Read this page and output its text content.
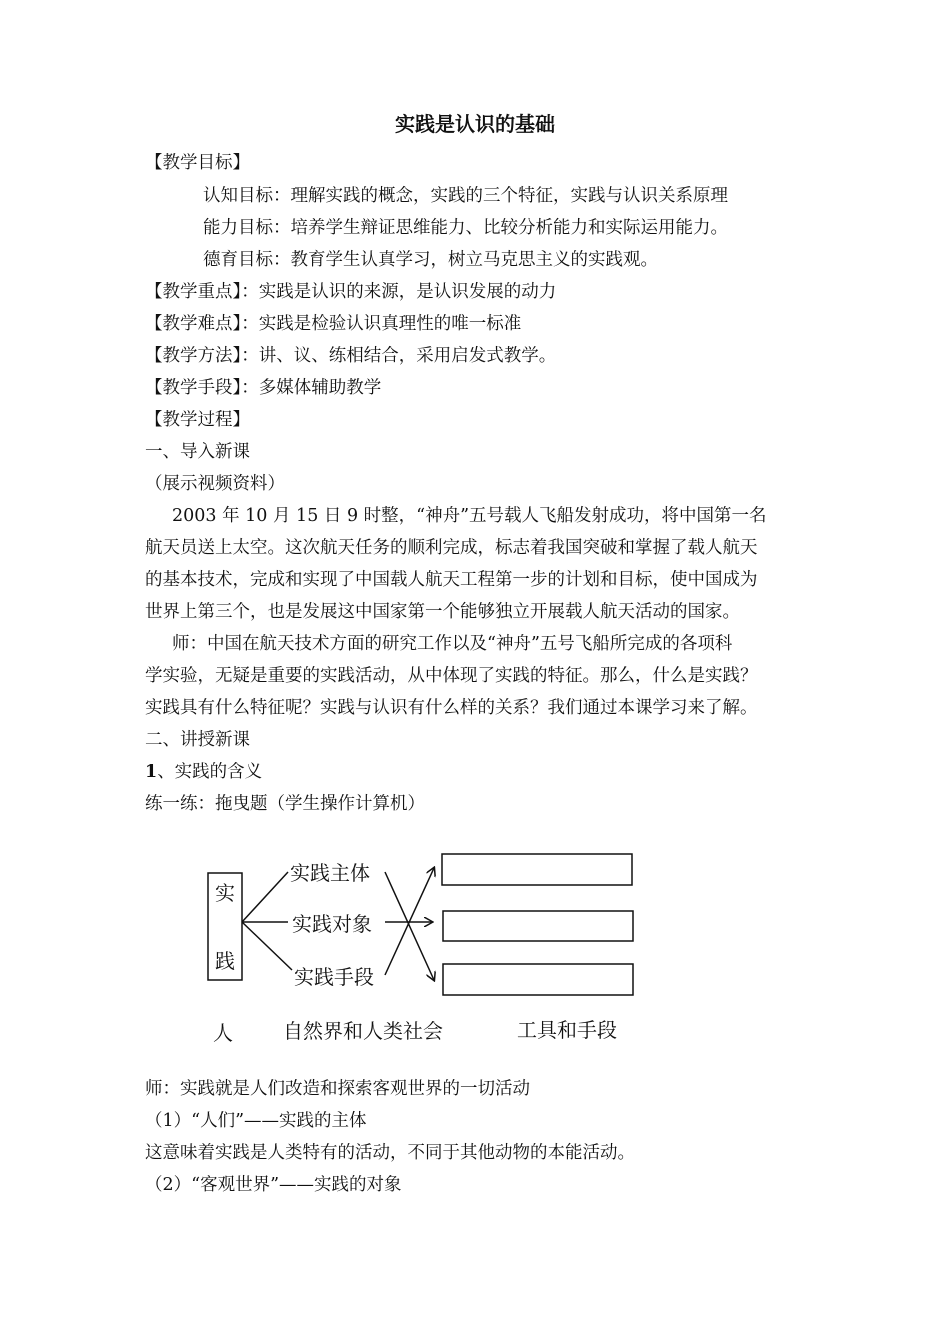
实践是认识的基础
【教学目标】
认知目标：理解实践的概念，实践的三个特征，实践与认识关系原理
能力目标：培养学生辩证思维能力、比较分析能力和实际运用能力。
德育目标：教育学生认真学习，树立马克思主义的实践观。
【教学重点】：实践是认识的来源，是认识发展的动力
【教学难点】：实践是检验认识真理性的唯一标准
【教学方法】：讲、议、练相结合，采用启发式教学。
【教学手段】：多媒体辅助教学
【教学过程】
一、导入新课
（展示视频资料）
2003 年 10 月 15 日 9 时整，“神舟”五号载人飞船发射成功，将中国第一名
航天员送上太空。这次航天任务的顺利完成，标志着我国突破和掌握了载人航天
的基本技术，完成和实现了中国载人航天工程第一步的计划和目标，使中国成为
世界上第三个，也是发展这中国家第一个能够独立开展载人航天活动的国家。
师：中国在航天技术方面的研究工作以及“神舟”五号飞船所完成的各项科
学实验，无疑是重要的实践活动，从中体现了实践的特征。那么，什么是实践？
实践具有什么特征呢？实践与认识有什么样的关系？我们通过本课学习来了解。
二、讲授新课
1、实践的含义
练一练：拖曳题（学生操作计算机）
实
践
实践主体
实践对象
实践手段
人	自然界和人类社会	工具和手段
师：实践就是人们改造和探索客观世界的一切活动
（1）“人们”——实践的主体
这意味着实践是人类特有的活动，不同于其他动物的本能活动。
（2）“客观世界”——实践的对象
